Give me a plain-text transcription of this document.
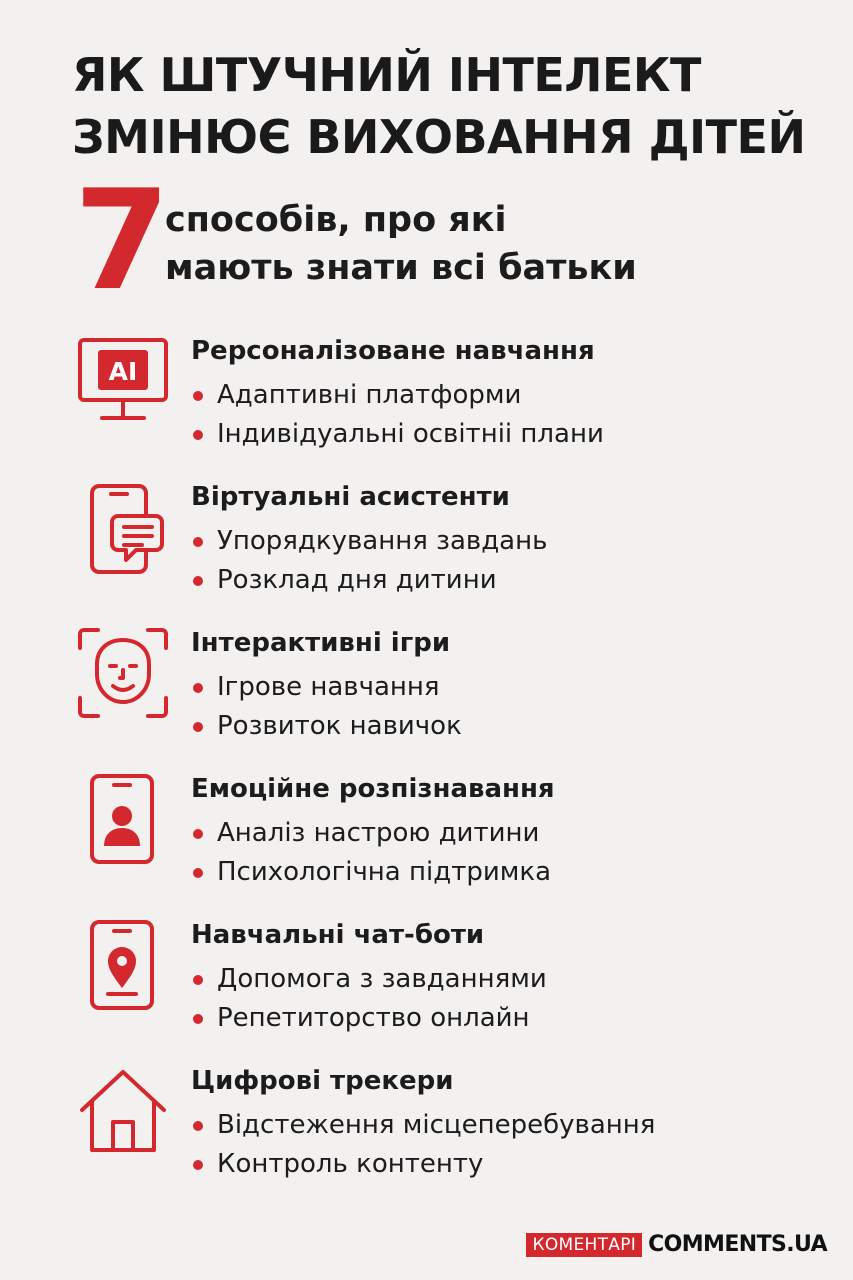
ЯК ШТУЧНИЙ ІНТЕЛЕКТ
ЗМІНЮЄ ВИХОВАННЯ ДІТЕЙ
7
способів, про які
мають знати всі батьки
AI
Рерсоналізоване навчання
Адаптивні платформи
Індивідуальні освітніі плани
Віртуальні асистенти
Упорядкування завдань
Розклад дня дитини
Інтерактивні ігри
Ігрове навчання
Розвиток навичок
Емоційне розпізнавання
Аналіз настрою дитини
Психологічна підтримка
Навчальні чат-боти
Допомога з завданнями
Репетиторство онлайн
Цифрові трекери
Відстеження місцеперебування
Контроль контенту
КОМЕНТАРІ COMMENTS.UA
